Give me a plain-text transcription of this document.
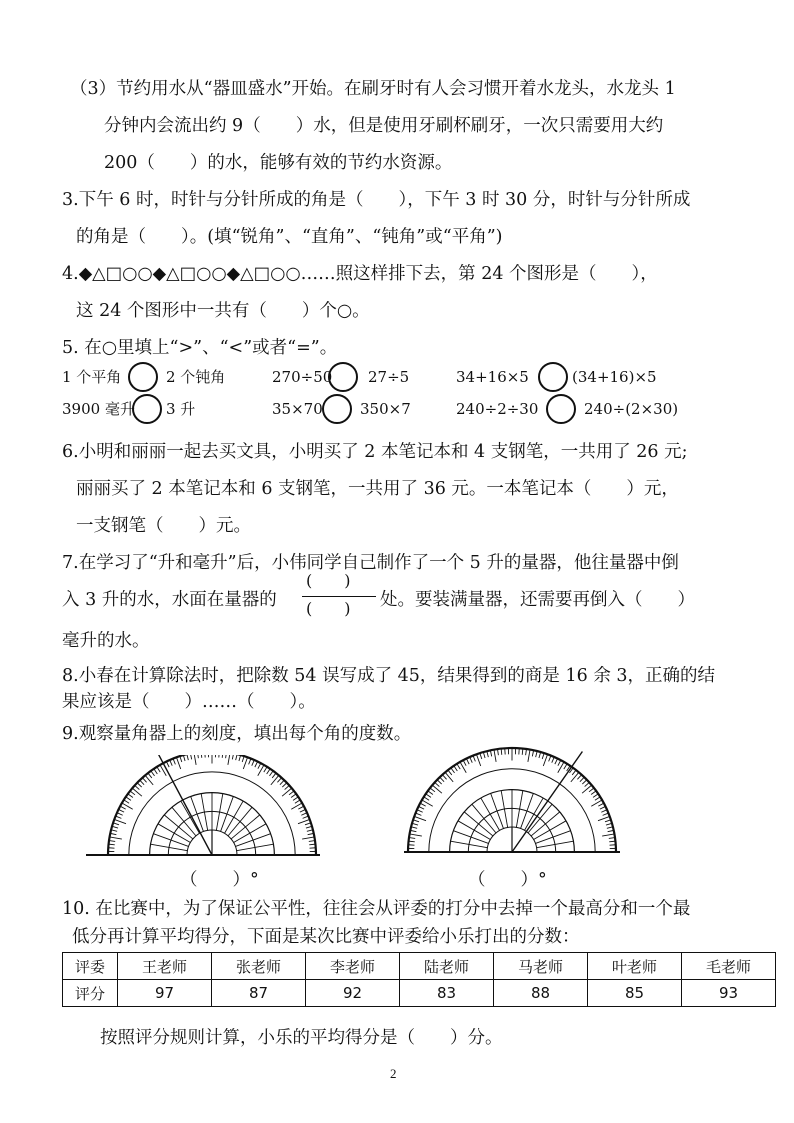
（3）节约用水从“器皿盛水”开始。在刷牙时有人会习惯开着水龙头，水龙头 1
分钟内会流出约 9（　　）水，但是使用牙刷杯刷牙，一次只需要用大约
200（　　）的水，能够有效的节约水资源。
3.下午 6 时，时针与分针所成的角是（　　），下午 3 时 30 分，时针与分针所成
的角是（　　）。(填“锐角”、“直角”、“钝角”或“平角”)
4.◆△□○○◆△□○○◆△□○○……照这样排下去，第 24 个图形是（　　），
这 24 个图形中一共有（　　）个○。
5. 在○里填上“>”、“<”或者“=”。
1 个平角	2 个钝角	270÷50 27÷5	34+16×5	(34+16)×5
3900 毫升 3 升	35×70 350×7	240÷2÷30	240÷(2×30)
6.小明和丽丽一起去买文具，小明买了 2 本笔记本和 4 支钢笔，一共用了 26 元;
丽丽买了 2 本笔记本和 6 支钢笔，一共用了 36 元。一本笔记本（　　）元，
一支钢笔（　　）元。
7.在学习了“升和毫升”后，小伟同学自己制作了一个 5 升的量器，他往量器中倒
入 3 升的水，水面在量器的
(　　)
(　　) 处。要装满量器，还需要再倒入（　　）
毫升的水。
8.小春在计算除法时，把除数 54 误写成了 45，结果得到的商是 16 余 3，正确的结
果应该是（　　）……（　　）。
9.观察量角器上的刻度，填出每个角的度数。
（　　）°	（　　）°
10. 在比赛中，为了保证公平性，往往会从评委的打分中去掉一个最高分和一个最
低分再计算平均得分，下面是某次比赛中评委给小乐打出的分数：
评委	王老师	张老师	李老师	陆老师	马老师	叶老师	毛老师
评分	97	87	92	83	88	85	93
按照评分规则计算，小乐的平均得分是（　　）分。
2
